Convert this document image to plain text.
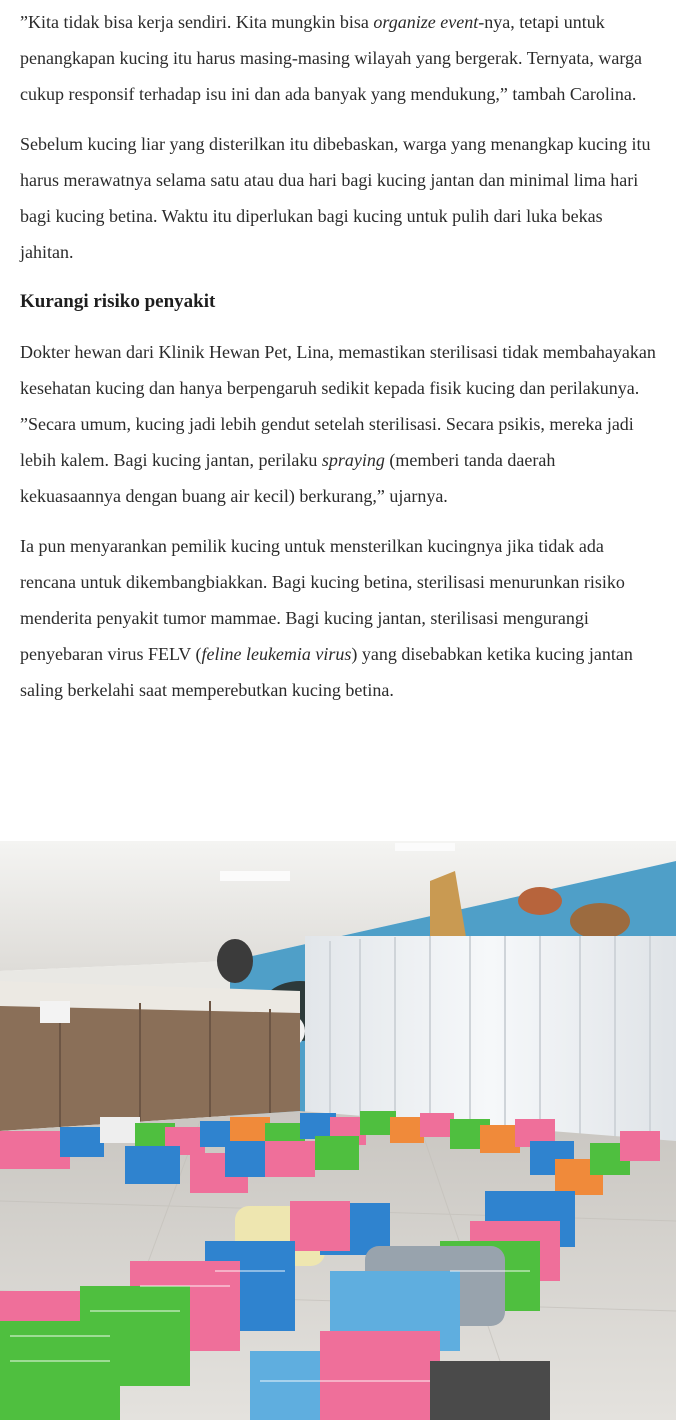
”Kita tidak bisa kerja sendiri. Kita mungkin bisa organize event-nya, tetapi untuk penangkapan kucing itu harus masing-masing wilayah yang bergerak. Ternyata, warga cukup responsif terhadap isu ini dan ada banyak yang mendukung,” tambah Carolina.

Sebelum kucing liar yang disterilkan itu dibebaskan, warga yang menangkap kucing itu harus merawatnya selama satu atau dua hari bagi kucing jantan dan minimal lima hari bagi kucing betina. Waktu itu diperlukan bagi kucing untuk pulih dari luka bekas jahitan.

Kurangi risiko penyakit

Dokter hewan dari Klinik Hewan Pet, Lina, memastikan sterilisasi tidak membahayakan kesehatan kucing dan hanya berpengaruh sedikit kepada fisik kucing dan perilakunya. ”Secara umum, kucing jadi lebih gendut setelah sterilisasi. Secara psikis, mereka jadi lebih kalem. Bagi kucing jantan, perilaku spraying (memberi tanda daerah kekuasaannya dengan buang air kecil) berkurang,” ujarnya.

Ia pun menyarankan pemilik kucing untuk mensterilkan kucingnya jika tidak ada rencana untuk dikembangbiakkan. Bagi kucing betina, sterilisasi menurunkan risiko menderita penyakit tumor mammae. Bagi kucing jantan, sterilisasi mengurangi penyebaran virus FELV (feline leukemia virus) yang disebabkan ketika kucing jantan saling berkelahi saat memperebutkan kucing betina.
